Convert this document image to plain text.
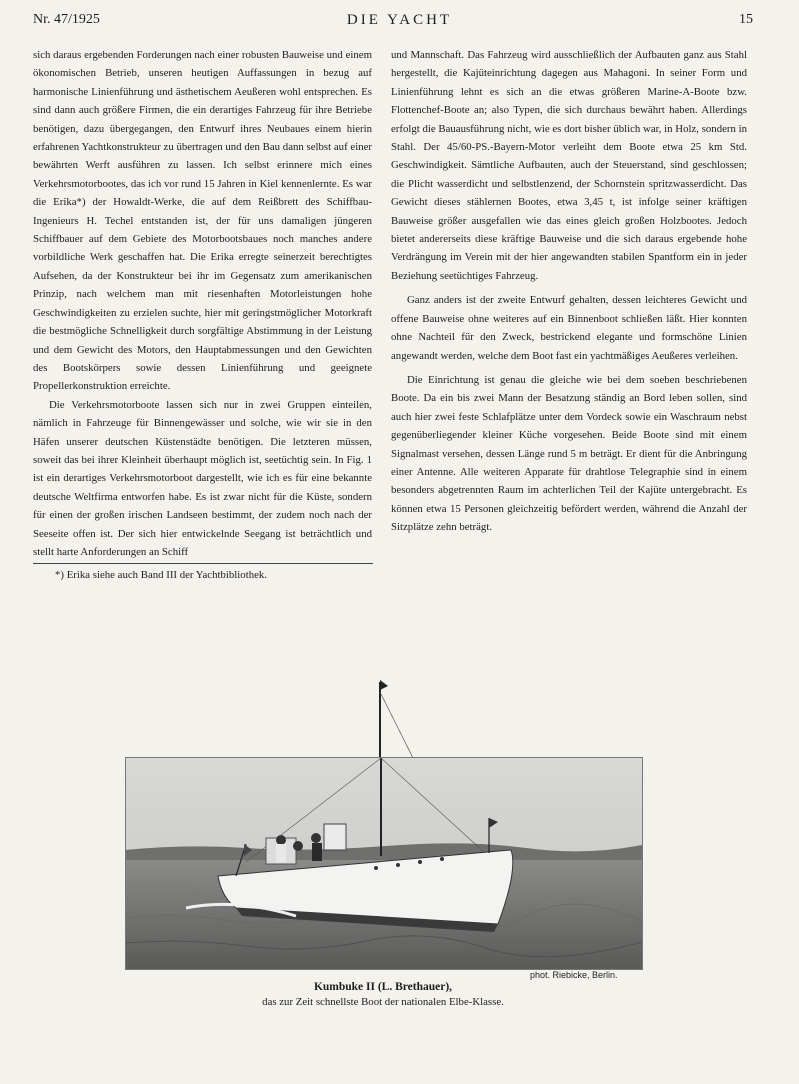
DIE YACHT
Nr. 47/1925	15

sich daraus ergebenden Forderungen nach einer robusten Bauweise und einem ökonomischen Betrieb, unseren heutigen Auffassungen in bezug auf harmonische Linienführung und ästhetischem Aeußeren wohl entsprechen. Es sind dann auch größere Firmen, die ein derartiges Fahrzeug für ihre Betriebe benötigen, dazu übergegangen, den Entwurf ihres Neubaues einem hierin erfahrenen Yachtkonstrukteur zu übertragen und den Bau dann selbst auf einer bewährten Werft ausführen zu lassen. Ich selbst erinnere mich eines Verkehrsmotorbootes, das ich vor rund 15 Jahren in Kiel kennenlernte. Es war die Erika*) der Howaldt-Werke, die auf dem Reißbrett des Schiffbau-Ingenieurs H. Techel entstanden ist, der für uns damaligen jüngeren Schiffbauer auf dem Gebiete des Motorbootsbaues noch manches andere vorbildliche Werk geschaffen hat. Die Erika erregte seinerzeit berechtigtes Aufsehen, da der Konstrukteur bei ihr im Gegensatz zum amerikanischen Prinzip, nach welchem man mit riesenhaften Motorleistungen hohe Geschwindigkeiten zu erzielen suchte, hier mit geringstmöglicher Motorkraft die bestmögliche Schnelligkeit durch sorgfältige Abstimmung in der Leistung und dem Gewicht des Motors, den Hauptabmessungen und den Gewichten des Bootskörpers sowie dessen Linienführung und geeignete Propellerkonstruktion erreichte.

Die Verkehrsmotorboote lassen sich nur in zwei Gruppen einteilen, nämlich in Fahrzeuge für Binnengewässer und solche, wie wir sie in den Häfen unserer deutschen Küstenstädte benötigen. Die letzteren müssen, soweit das bei ihrer Kleinheit überhaupt möglich ist, seetüchtig sein. In Fig. 1 ist ein derartiges Verkehrsmotorboot dargestellt, wie ich es für eine bekannte deutsche Weltfirma entworfen habe. Es ist zwar nicht für die Küste, sondern für einen der großen irischen Landseen bestimmt, der zudem noch nach der Seeseite offen ist. Der sich hier entwickelnde Seegang ist beträchtlich und stellt harte Anforderungen an Schiff

*) Erika siehe auch Band III der Yachtbibliothek.

und Mannschaft. Das Fahrzeug wird ausschließlich der Aufbauten ganz aus Stahl hergestellt, die Kajüteinrichtung dagegen aus Mahagoni. In seiner Form und Linienführung lehnt es sich an die etwas größeren Marine-A-Boote bzw. Flottenchef-Boote an; also Typen, die sich durchaus bewährt haben. Allerdings erfolgt die Bauausführung nicht, wie es dort bisher üblich war, in Holz, sondern in Stahl. Der 45/60-PS.-Bayern-Motor verleiht dem Boote etwa 25 km Std. Geschwindigkeit. Sämtliche Aufbauten, auch der Steuerstand, sind geschlossen; die Plicht wasserdicht und selbstlenzend, der Schornstein spritzwasserdicht. Das Gewicht dieses stählernen Bootes, etwa 3,45 t, ist infolge seiner kräftigen Bauweise größer ausgefallen wie das eines gleich großen Holzbootes. Jedoch bietet andererseits diese kräftige Bauweise und die sich daraus ergebende hohe Verdrängung im Verein mit der hier angewandten stabilen Spantform ein in jeder Beziehung seetüchtiges Fahrzeug.

Ganz anders ist der zweite Entwurf gehalten, dessen leichteres Gewicht und offene Bauweise ohne weiteres auf ein Binnenboot schließen läßt. Hier konnten ohne Nachteil für den Zweck, bestrickend elegante und formschöne Linien angewandt werden, welche dem Boot fast ein yachtmäßiges Aeußeres verleihen.

Die Einrichtung ist genau die gleiche wie bei dem soeben beschriebenen Boote. Da ein bis zwei Mann der Besatzung ständig an Bord leben sollen, sind auch hier zwei feste Schlafplätze unter dem Vordeck sowie ein Waschraum nebst gegenüberliegender kleiner Küche vorgesehen. Beide Boote sind mit einem Signalmast versehen, dessen Länge rund 5 m beträgt. Er dient für die Anbringung einer Antenne. Alle weiteren Apparate für drahtlose Telegraphie sind in einem besonders abgetrennten Raum im achterlichen Teil der Kajüte untergebracht. Es können etwa 15 Personen gleichzeitig befördert werden, während die Anzahl der Sitzplätze zehn beträgt.

phot. Riebicke, Berlin.
Kumbuke II (L. Brethauer),
das zur Zeit schnellste Boot der nationalen Elbe-Klasse.
